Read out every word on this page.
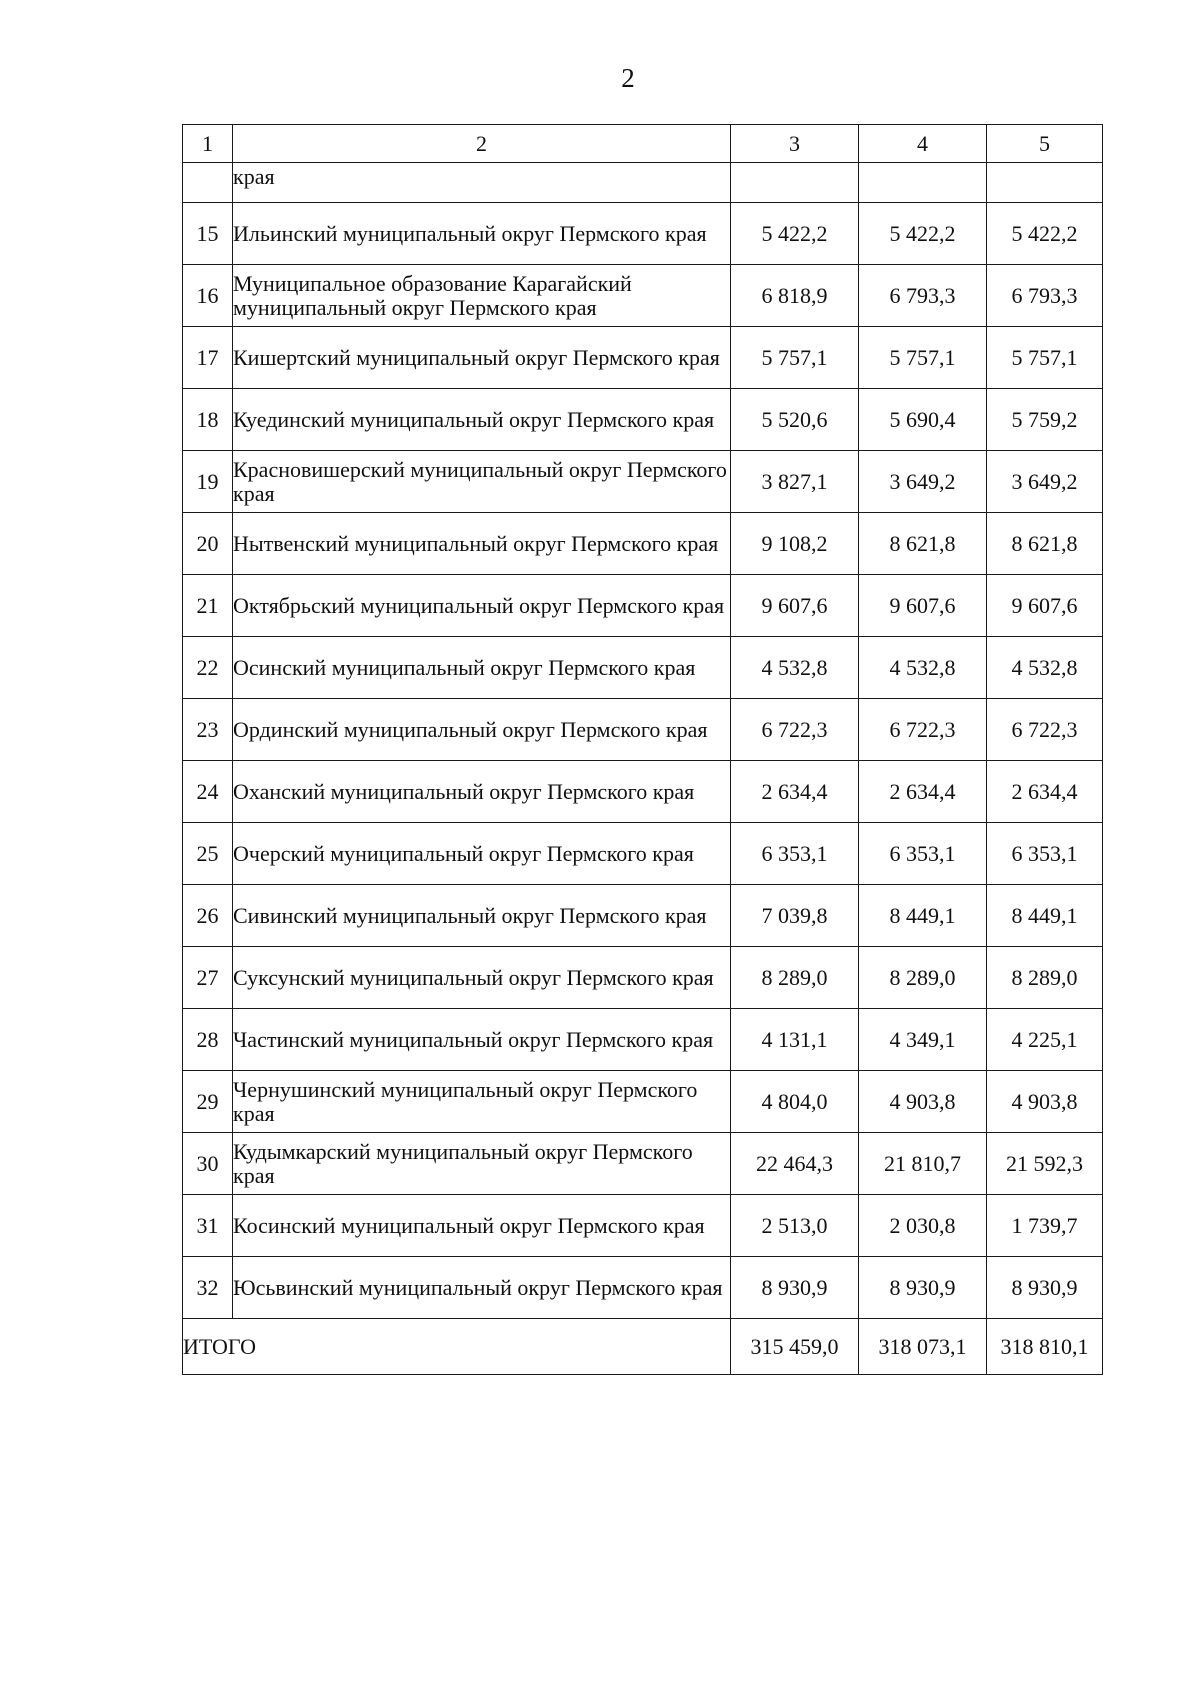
2
1	2	3	4	5
	края			
15	Ильинский муниципальный округ Пермского края	5 422,2	5 422,2	5 422,2
16	Муниципальное образование Карагайский муниципальный округ Пермского края	6 818,9	6 793,3	6 793,3
17	Кишертский муниципальный округ Пермского края	5 757,1	5 757,1	5 757,1
18	Куединский муниципальный округ Пермского края	5 520,6	5 690,4	5 759,2
19	Красновишерский муниципальный округ Пермского края	3 827,1	3 649,2	3 649,2
20	Нытвенский муниципальный округ Пермского края	9 108,2	8 621,8	8 621,8
21	Октябрьский муниципальный округ Пермского края	9 607,6	9 607,6	9 607,6
22	Осинский муниципальный округ Пермского края	4 532,8	4 532,8	4 532,8
23	Ординский муниципальный округ Пермского края	6 722,3	6 722,3	6 722,3
24	Оханский муниципальный округ Пермского края	2 634,4	2 634,4	2 634,4
25	Очерский муниципальный округ Пермского края	6 353,1	6 353,1	6 353,1
26	Сивинский муниципальный округ Пермского края	7 039,8	8 449,1	8 449,1
27	Суксунский муниципальный округ Пермского края	8 289,0	8 289,0	8 289,0
28	Частинский муниципальный округ Пермского края	4 131,1	4 349,1	4 225,1
29	Чернушинский муниципальный округ Пермского края	4 804,0	4 903,8	4 903,8
30	Кудымкарский муниципальный округ Пермского края	22 464,3	21 810,7	21 592,3
31	Косинский муниципальный округ Пермского края	2 513,0	2 030,8	1 739,7
32	Юсьвинский муниципальный округ Пермского края	8 930,9	8 930,9	8 930,9
ИТОГО		315 459,0	318 073,1	318 810,1
